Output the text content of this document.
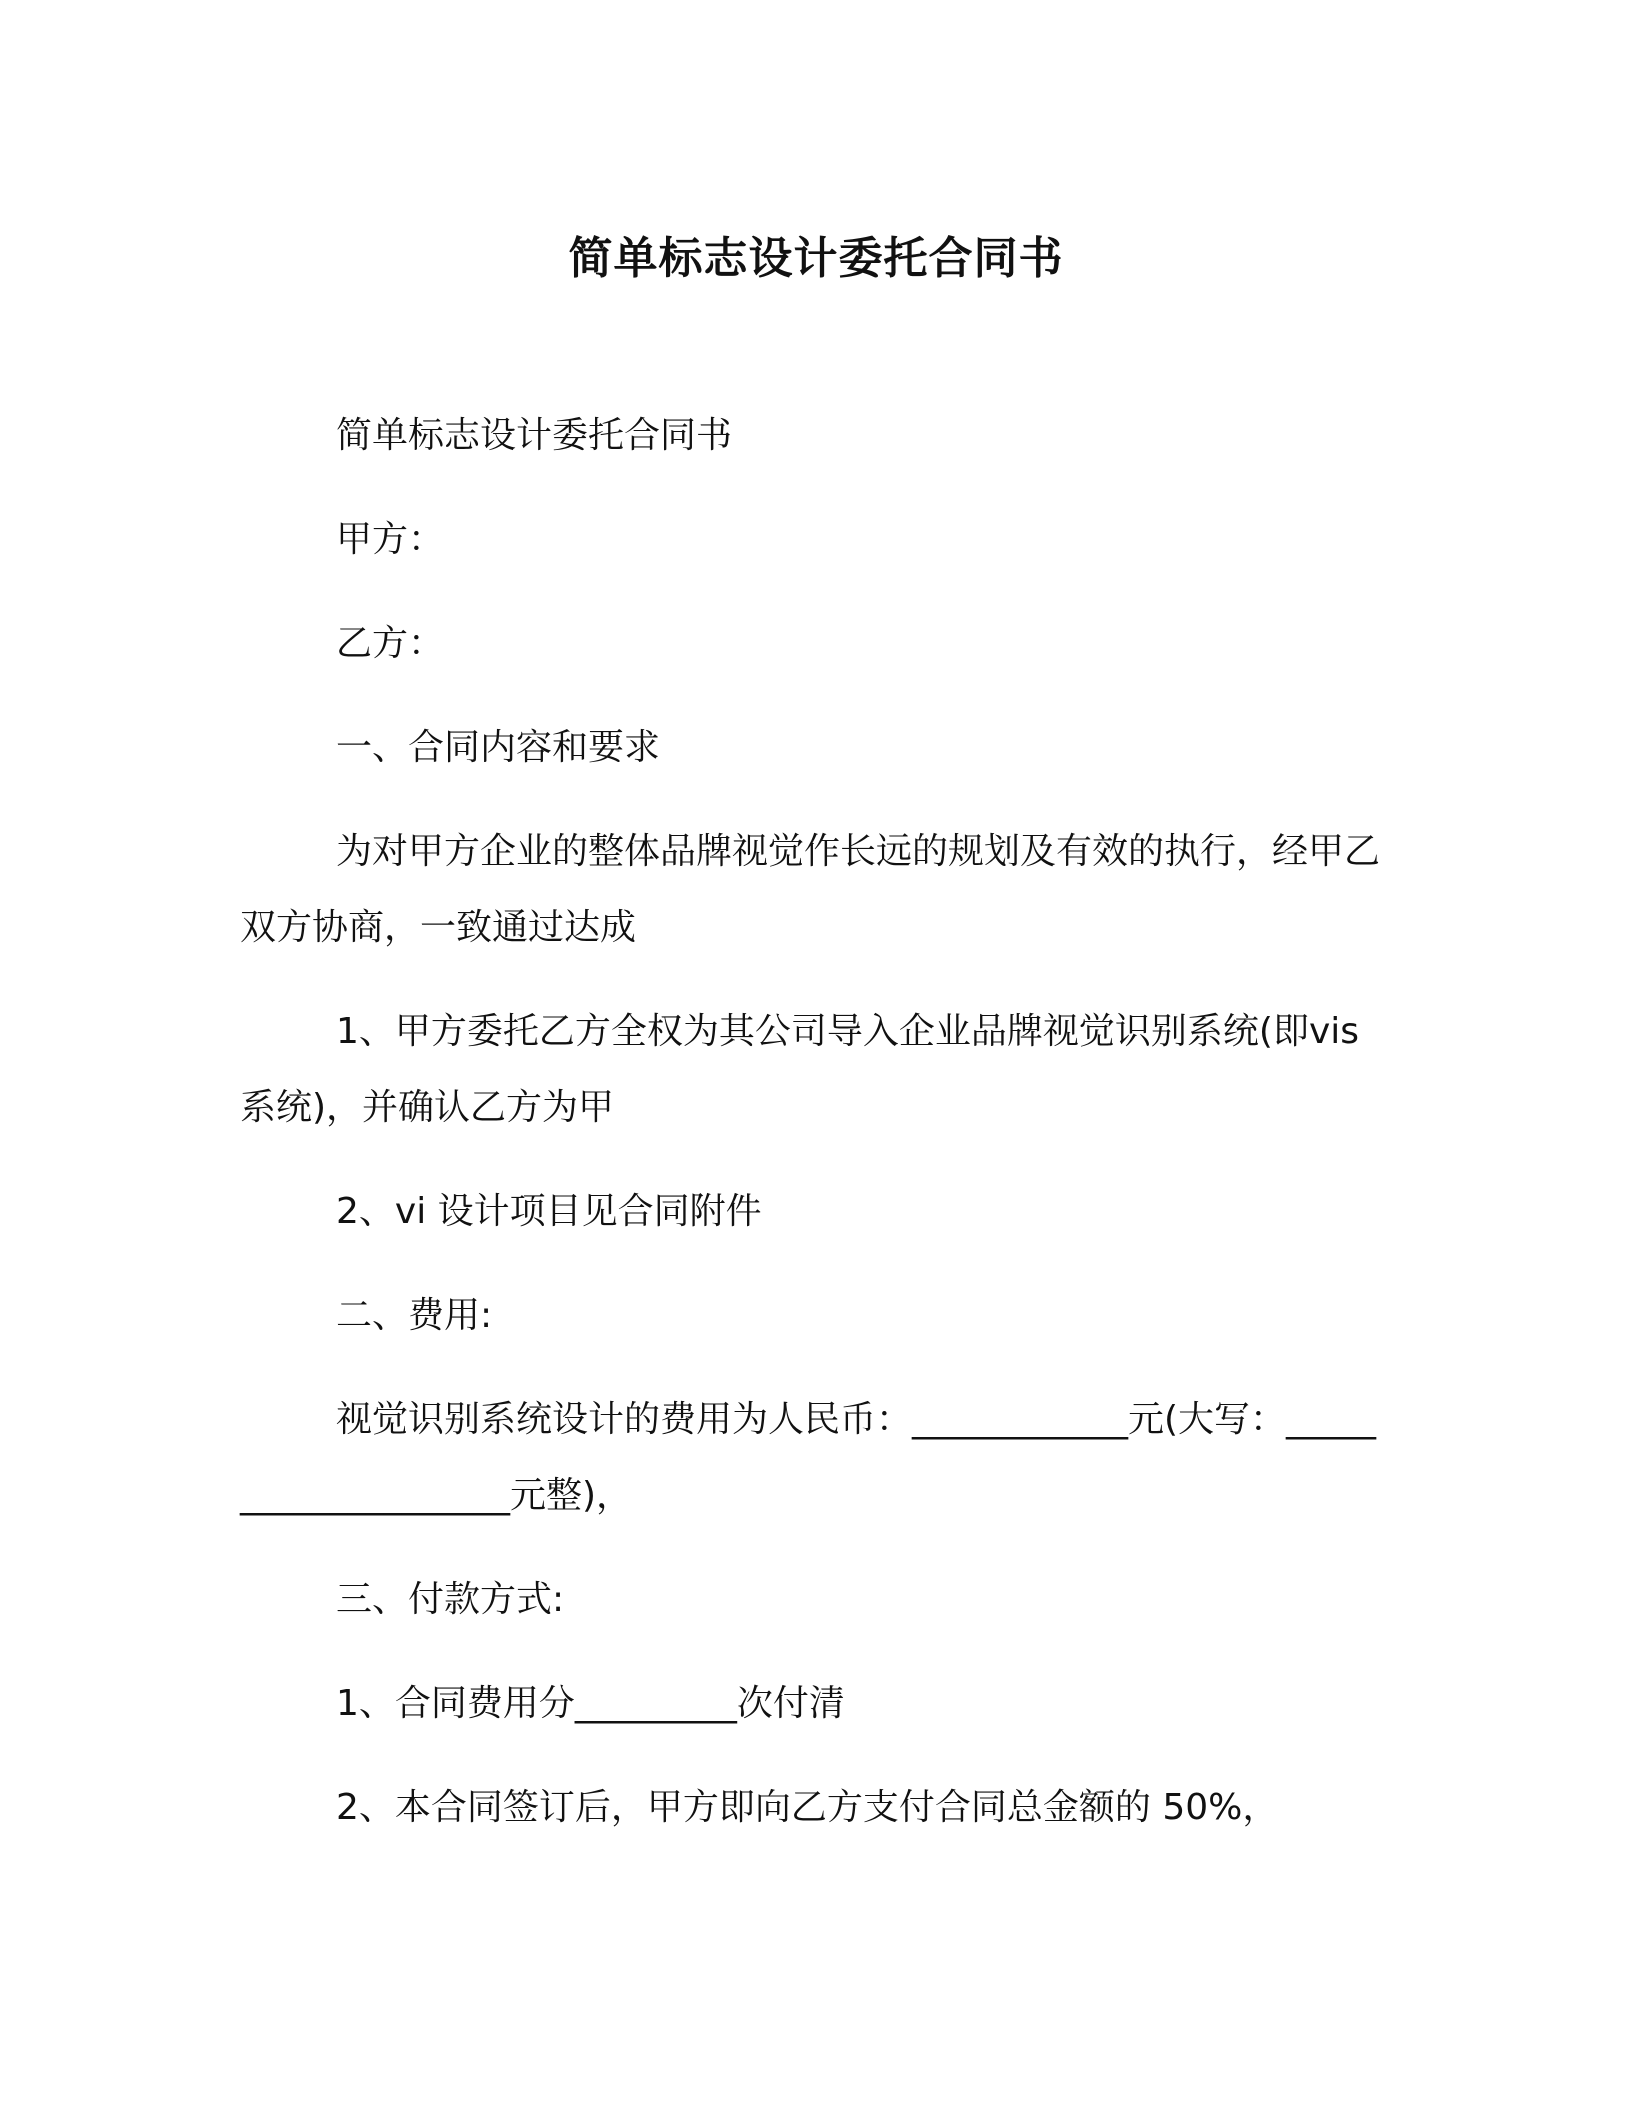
简单标志设计委托合同书

简单标志设计委托合同书

甲方：

乙方：

一、合同内容和要求

为对甲方企业的整体品牌视觉作长远的规划及有效的执行，经甲乙双方协商，一致通过达成

1、甲方委托乙方全权为其公司导入企业品牌视觉识别系统(即vis 系统)，并确认乙方为甲

2、vi 设计项目见合同附件

二、费用:

视觉识别系统设计的费用为人民币：____________元(大写：____________________元整)，

三、付款方式:

1、合同费用分_________次付清

2、本合同签订后，甲方即向乙方支付合同总金额的 50%，
